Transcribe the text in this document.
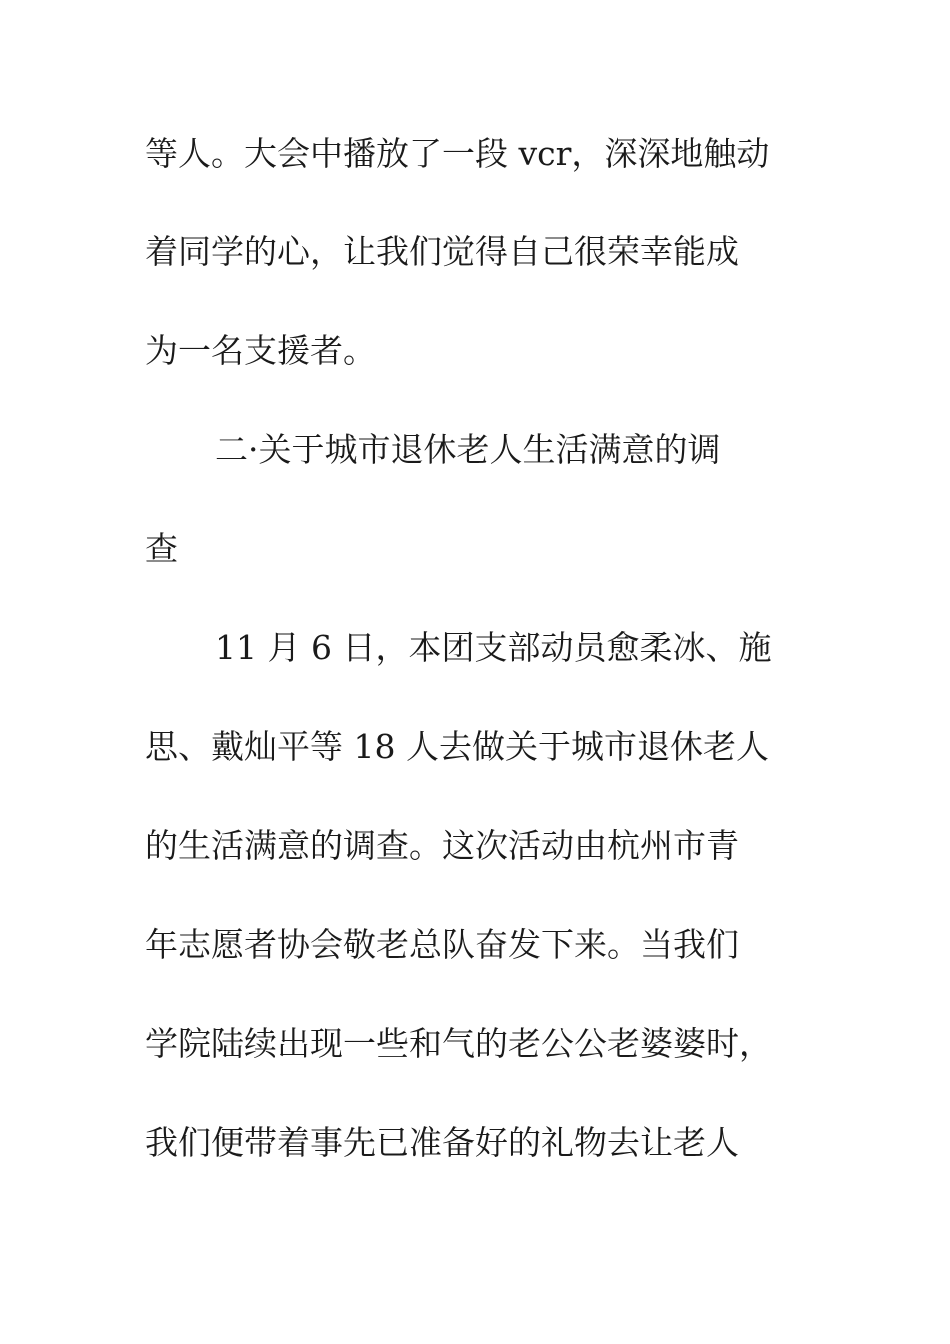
等人。大会中播放了一段 vcr，深深地触动
着同学的心，让我们觉得自己很荣幸能成
为一名支援者。
二·关于城市退休老人生活满意的调
查
11 月 6 日，本团支部动员愈柔冰、施
思、戴灿平等 18 人去做关于城市退休老人
的生活满意的调查。这次活动由杭州市青
年志愿者协会敬老总队奋发下来。当我们
学院陆续出现一些和气的老公公老婆婆时，
我们便带着事先已准备好的礼物去让老人
